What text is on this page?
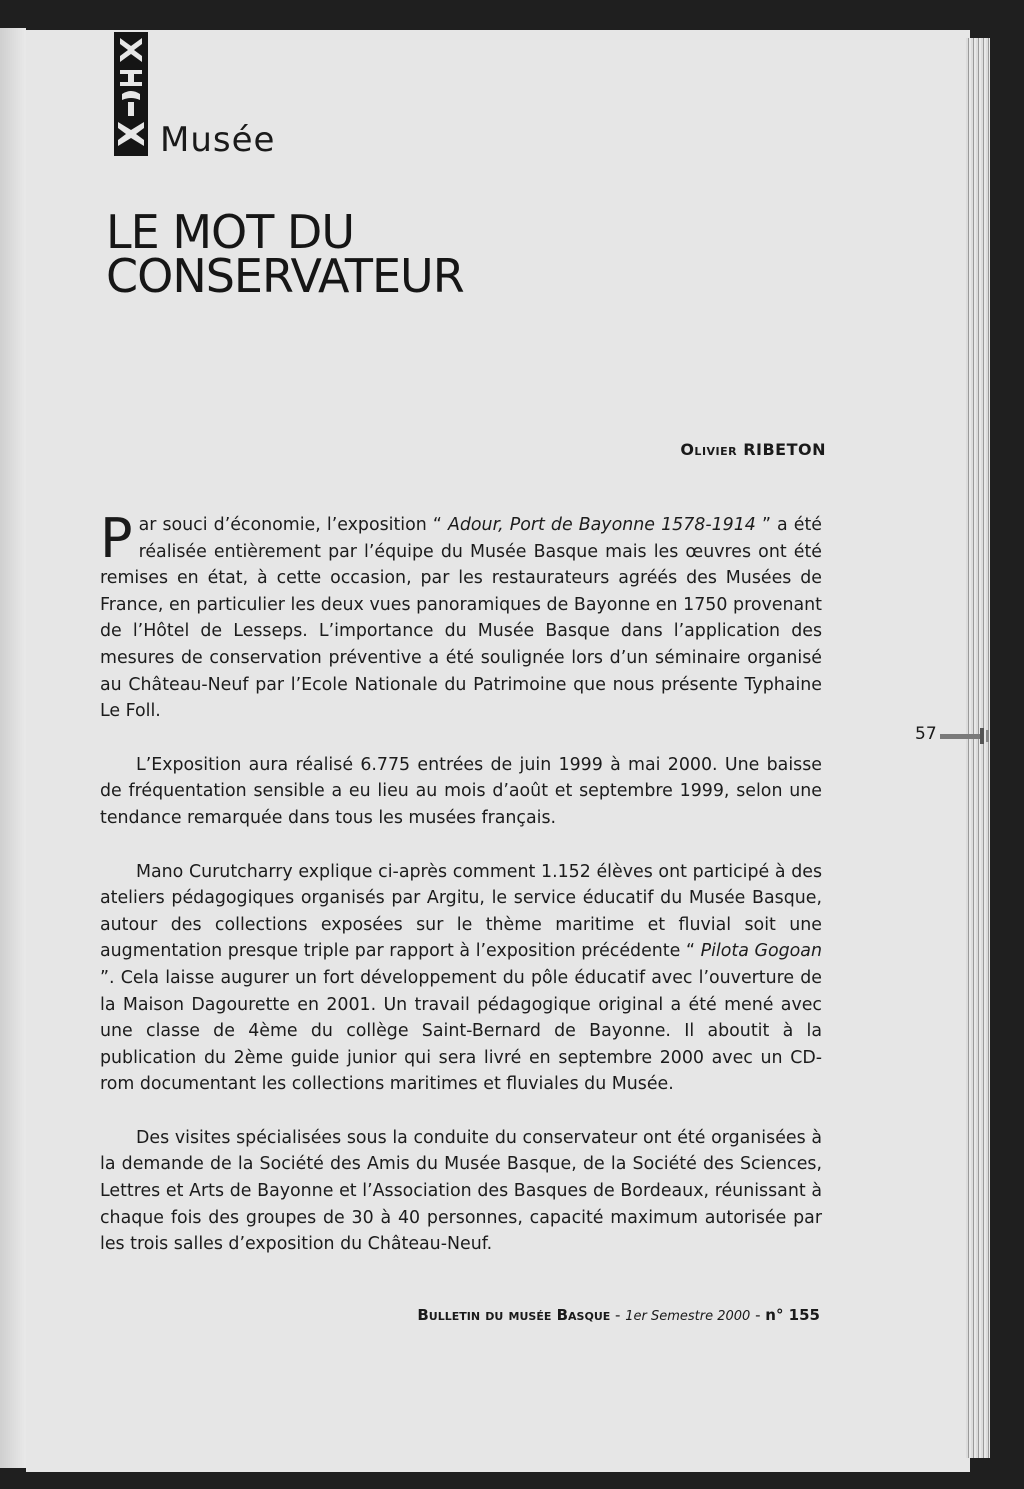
Musée
LE MOT DU
CONSERVATEUR
Olivier RIBETON

Par souci d’économie, l’exposition “ Adour, Port de Bayonne 1578-1914 ” a été réalisée entièrement par l’équipe du Musée Basque mais les œuvres ont été remises en état, à cette occasion, par les restaurateurs agréés des Musées de France, en particulier les deux vues panoramiques de Bayonne en 1750 provenant de l’Hôtel de Lesseps. L’importance du Musée Basque dans l’application des mesures de conservation préventive a été soulignée lors d’un séminaire organisé au Château-Neuf par l’Ecole Nationale du Patrimoine que nous présente Typhaine Le Foll.

L’Exposition aura réalisé 6.775 entrées de juin 1999 à mai 2000. Une baisse de fréquentation sensible a eu lieu au mois d’août et septembre 1999, selon une tendance remarquée dans tous les musées français.

Mano Curutcharry explique ci-après comment 1.152 élèves ont participé à des ateliers pédagogiques organisés par Argitu, le service éducatif du Musée Basque, autour des collections exposées sur le thème maritime et fluvial soit une augmentation presque triple par rapport à l’exposition précédente “ Pilota Gogoan ”. Cela laisse augurer un fort développement du pôle éducatif avec l’ouverture de la Maison Dagourette en 2001. Un travail pédagogique original a été mené avec une classe de 4ème du collège Saint-Bernard de Bayonne. Il aboutit à la publication du 2ème guide junior qui sera livré en septembre 2000 avec un CD-rom documentant les collections maritimes et fluviales du Musée.

Des visites spécialisées sous la conduite du conservateur ont été organisées à la demande de la Société des Amis du Musée Basque, de la Société des Sciences, Lettres et Arts de Bayonne et l’Association des Basques de Bordeaux, réunissant à chaque fois des groupes de 30 à 40 personnes, capacité maximum autorisée par les trois salles d’exposition du Château-Neuf.

57
Bulletin du musée Basque - 1er Semestre 2000 - n° 155
